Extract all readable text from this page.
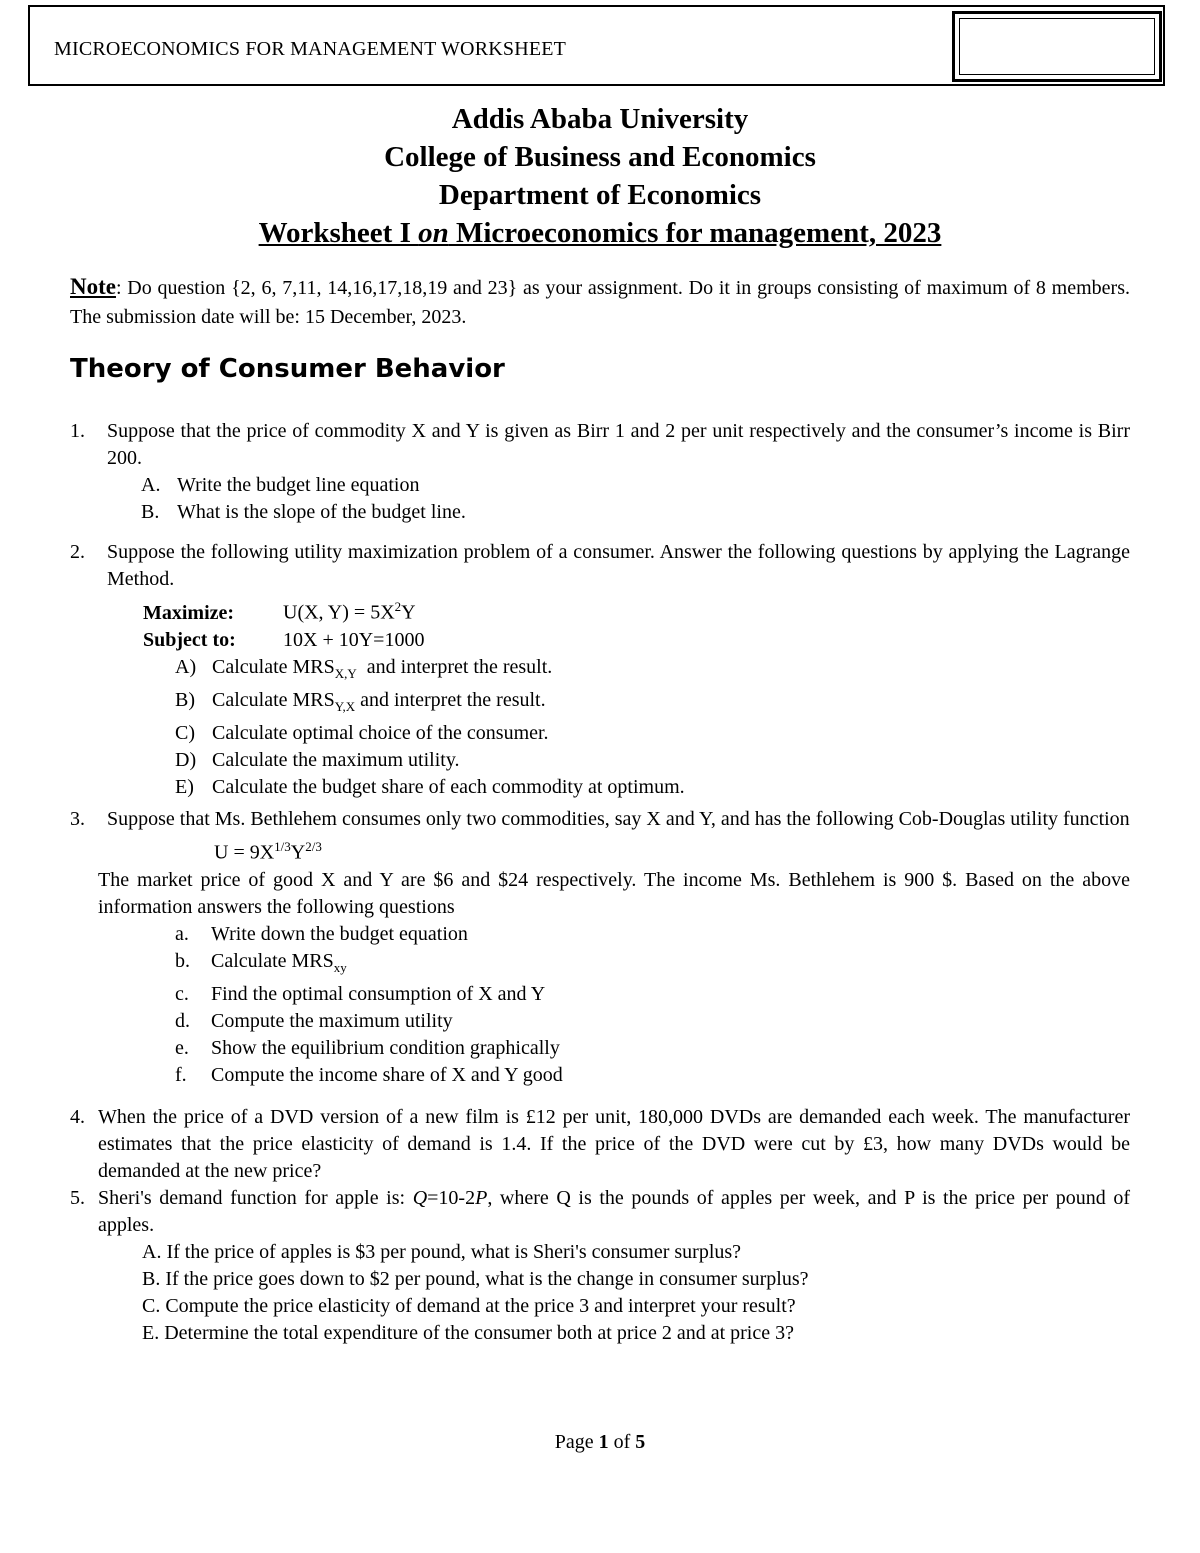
MICROECONOMICS FOR MANAGEMENT WORKSHEET
Addis Ababa University
College of Business and Economics
Department of Economics
Worksheet I on Microeconomics for management, 2023
Note: Do question {2, 6, 7,11, 14,16,17,18,19 and 23} as your assignment. Do it in groups consisting of maximum of 8 members. The submission date will be: 15 December, 2023.
Theory of Consumer Behavior
1. Suppose that the price of commodity X and Y is given as Birr 1 and 2 per unit respectively and the consumer’s income is Birr 200.
A. Write the budget line equation
B. What is the slope of the budget line.
2. Suppose the following utility maximization problem of a consumer. Answer the following questions by applying the Lagrange Method.
Maximize: U(X, $Y) = 5X^2Y$
Subject to: 10X + 10Y=1000
A) Calculate $MRS_{X,Y}$  and interpret the result.
B) Calculate $MRS_{Y,X}$ and interpret the result.
C) Calculate optimal choice of the consumer.
D) Calculate the maximum utility.
E) Calculate the budget share of each commodity at optimum.
3. Suppose that Ms. Bethlehem consumes only two commodities, say X and Y, and has the following Cob-Douglas utility function
$U = 9X^{1/3}Y^{2/3}$
The market price of good X and Y are $6 and $24 respectively. The income Ms. Bethlehem is 900 $. Based on the above information answers the following questions
a. Write down the budget equation
b. Calculate $MRS_{xy}$
c. Find the optimal consumption of X and Y
d. Compute the maximum utility
e. Show the equilibrium condition graphically
f. Compute the income share of X and Y good
4. When the price of a DVD version of a new film is £12 per unit, 180,000 DVDs are demanded each week. The manufacturer estimates that the price elasticity of demand is 1.4. If the price of the DVD were cut by £3, how many DVDs would be demanded at the new price?
5. Sheri's demand function for apple is: Q=10-2P, where Q is the pounds of apples per week, and P is the price per pound of apples.
A. If the price of apples is $3 per pound, what is Sheri's consumer surplus?
B. If the price goes down to $2 per pound, what is the change in consumer surplus?
C. Compute the price elasticity of demand at the price 3 and interpret your result?
E. Determine the total expenditure of the consumer both at price 2 and at price 3?
Page 1 of 5
